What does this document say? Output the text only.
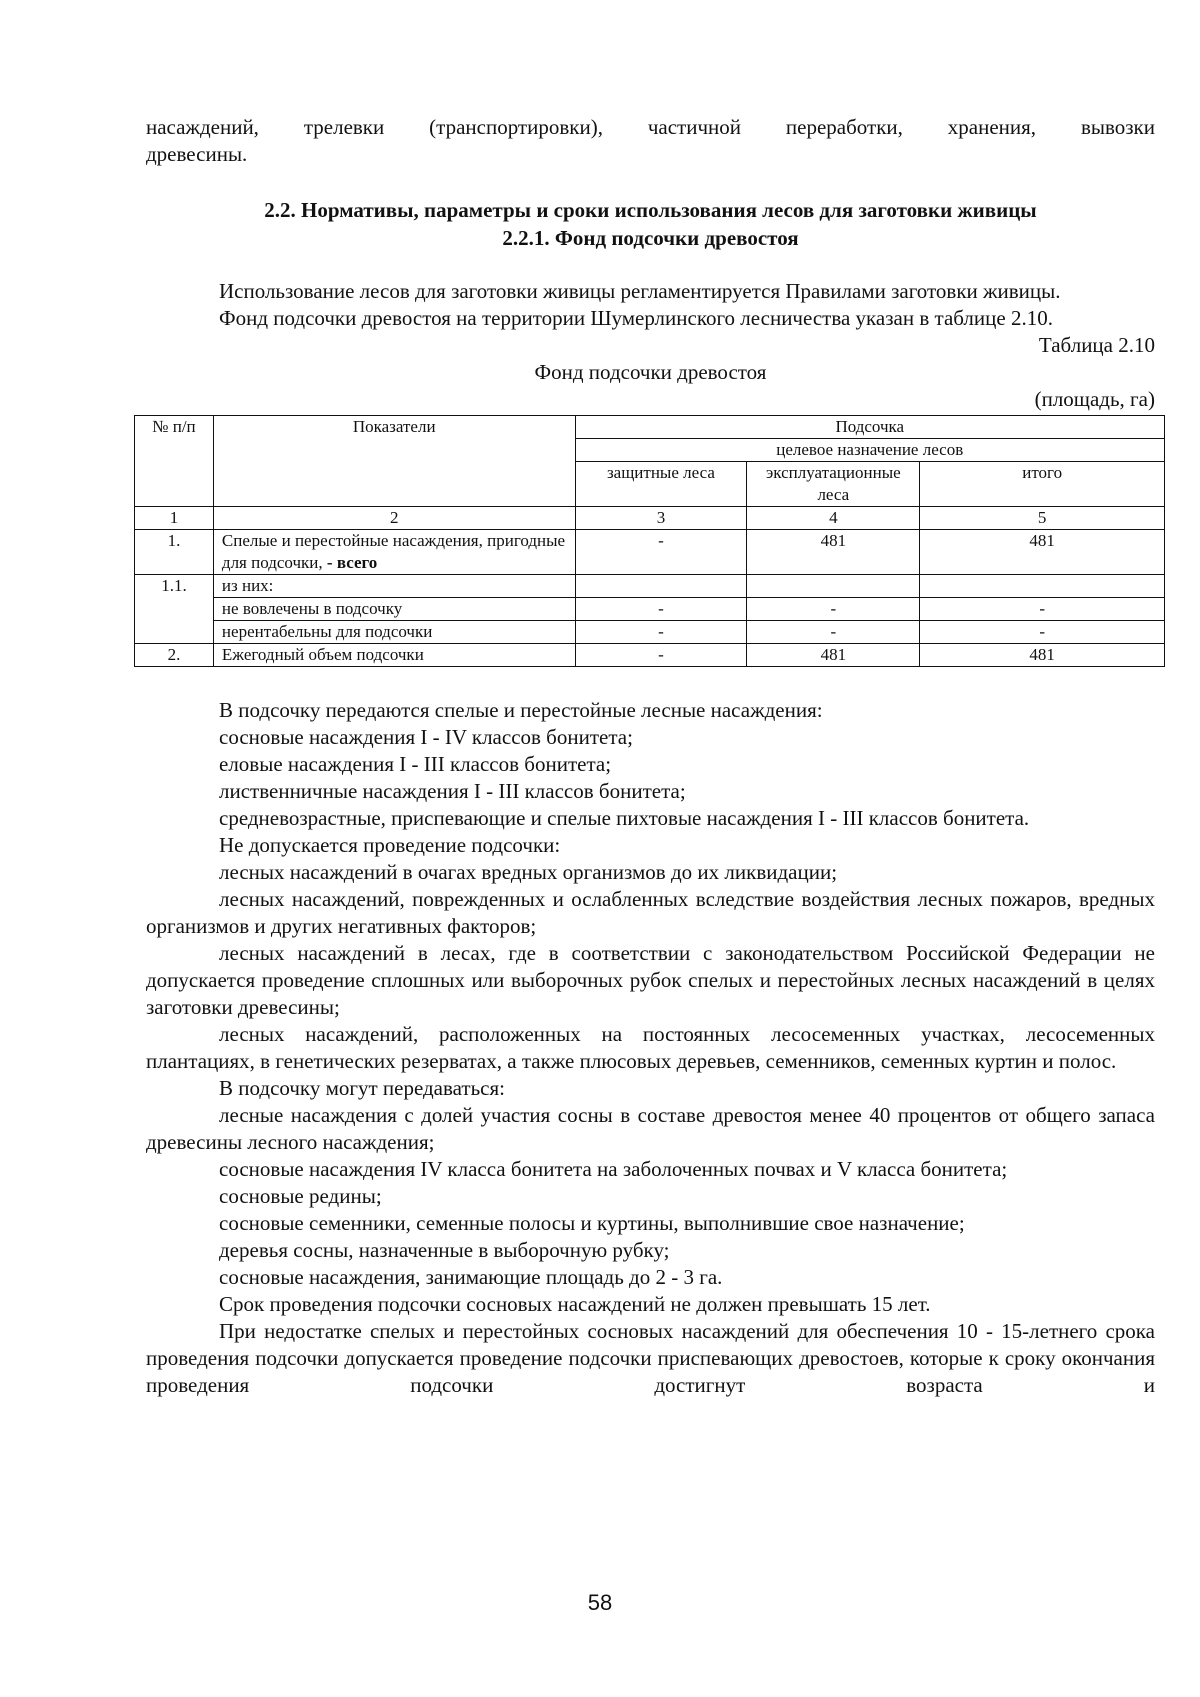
насаждений, трелевки (транспортировки), частичной переработки, хранения, вывозки

древесины.

2.2. Нормативы, параметры и сроки использования лесов для заготовки живицы
2.2.1. Фонд подсочки древостоя

Использование лесов для заготовки живицы регламентируется Правилами заготовки живицы.

Фонд подсочки древостоя на территории Шумерлинского лесничества указан в таблице 2.10.

Таблица 2.10

Фонд подсочки древостоя

(площадь, га)

№ п/п	Показатели	Подсочка		
		целевое назначение лесов		
		защитные леса	эксплуатационные леса	итого
1	2	3	4	5
1.	Спелые и перестойные насаждения, пригодные для подсочки, - всего	-	481	481
1.1.	из них:			
	не вовлечены в подсочку	-	-	-
	нерентабельны для подсочки	-	-	-
2.	Ежегодный объем подсочки	-	481	481

В подсочку передаются спелые и перестойные лесные насаждения:

сосновые насаждения I - IV классов бонитета;

еловые насаждения I - III классов бонитета;

лиственничные насаждения I - III классов бонитета;

средневозрастные, приспевающие и спелые пихтовые насаждения I - III классов бонитета.

Не допускается проведение подсочки:

лесных насаждений в очагах вредных организмов до их ликвидации;

лесных насаждений, поврежденных и ослабленных вследствие воздействия лесных пожаров, вредных организмов и других негативных факторов;

лесных насаждений в лесах, где в соответствии с законодательством Российской Федерации не допускается проведение сплошных или выборочных рубок спелых и перестойных лесных насаждений в целях заготовки древесины;

лесных насаждений, расположенных на постоянных лесосеменных участках, лесосеменных плантациях, в генетических резерватах, а также плюсовых деревьев, семенников, семенных куртин и полос.

В подсочку могут передаваться:

лесные насаждения с долей участия сосны в составе древостоя менее 40 процентов от общего запаса древесины лесного насаждения;

сосновые насаждения IV класса бонитета на заболоченных почвах и V класса бонитета;

сосновые редины;

сосновые семенники, семенные полосы и куртины, выполнившие свое назначение;

деревья сосны, назначенные в выборочную рубку;

сосновые насаждения, занимающие площадь до 2 - 3 га.

Срок проведения подсочки сосновых насаждений не должен превышать 15 лет.

При недостатке спелых и перестойных сосновых насаждений для обеспечения 10 - 15-летнего срока проведения подсочки допускается проведение подсочки приспевающих древостоев, которые к сроку окончания проведения подсочки достигнут возраста и

58
